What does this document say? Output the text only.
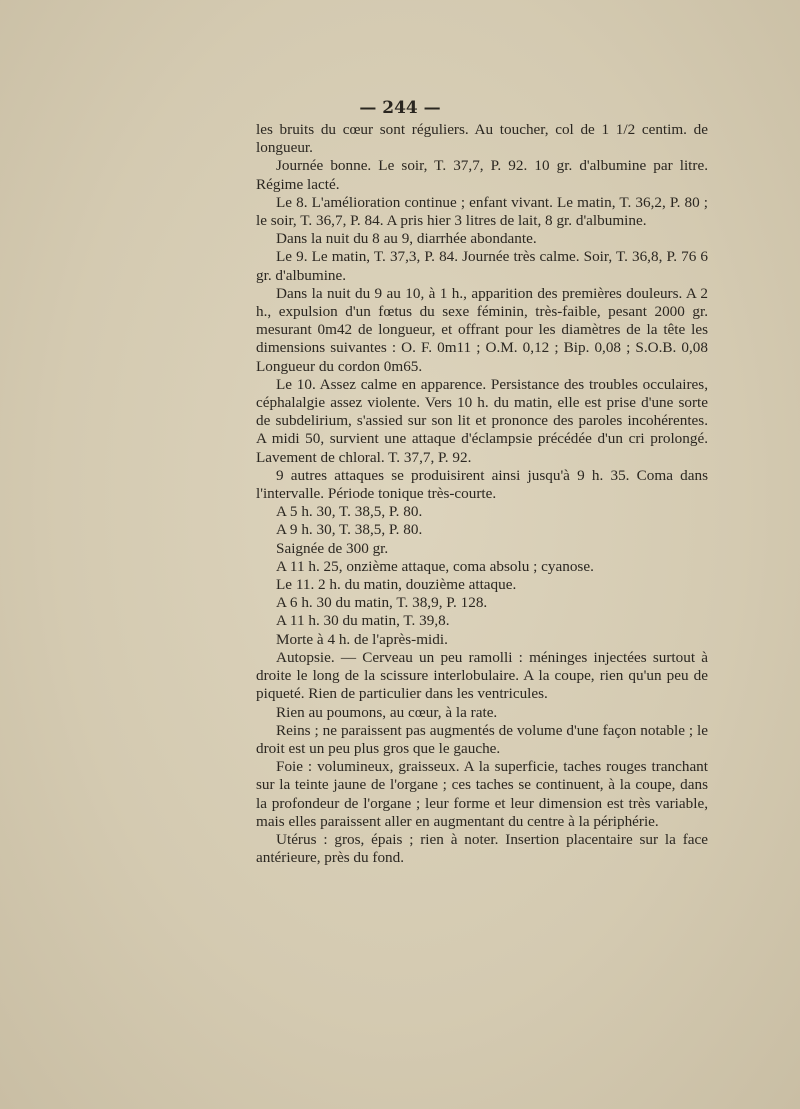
— 244 —

les bruits du cœur sont réguliers. Au toucher, col de 1 1/2 centim. de longueur.

Journée bonne. Le soir, T. 37,7, P. 92. 10 gr. d'albumine par litre. Régime lacté.

Le 8. L'amélioration continue ; enfant vivant. Le matin, T. 36,2, P. 80 ; le soir, T. 36,7, P. 84. A pris hier 3 litres de lait, 8 gr. d'albumine.

Dans la nuit du 8 au 9, diarrhée abondante.

Le 9. Le matin, T. 37,3, P. 84. Journée très calme. Soir, T. 36,8, P. 76 6 gr. d'albumine.

Dans la nuit du 9 au 10, à 1 h., apparition des premières douleurs. A 2 h., expulsion d'un fœtus du sexe féminin, très-faible, pesant 2000 gr. mesurant 0m42 de longueur, et offrant pour les diamètres de la tête les dimensions suivantes : O. F. 0m11 ; O.M. 0,12 ; Bip. 0,08 ; S.O.B. 0,08 Longueur du cordon 0m65.

Le 10. Assez calme en apparence. Persistance des troubles occulaires, céphalalgie assez violente. Vers 10 h. du matin, elle est prise d'une sorte de subdelirium, s'assied sur son lit et prononce des paroles incohérentes. A midi 50, survient une attaque d'éclampsie précédée d'un cri prolongé. Lavement de chloral. T. 37,7, P. 92.

9 autres attaques se produisirent ainsi jusqu'à 9 h. 35. Coma dans l'intervalle. Période tonique très-courte.

A 5 h. 30, T. 38,5, P. 80.

A 9 h. 30, T. 38,5, P. 80.

Saignée de 300 gr.

A 11 h. 25, onzième attaque, coma absolu ; cyanose.

Le 11. 2 h. du matin, douzième attaque.

A 6 h. 30 du matin, T. 38,9, P. 128.

A 11 h. 30 du matin, T. 39,8.

Morte à 4 h. de l'après-midi.

Autopsie. — Cerveau un peu ramolli : méninges injectées surtout à droite le long de la scissure interlobulaire. A la coupe, rien qu'un peu de piqueté. Rien de particulier dans les ventricules.

Rien au poumons, au cœur, à la rate.

Reins ; ne paraissent pas augmentés de volume d'une façon notable ; le droit est un peu plus gros que le gauche.

Foie : volumineux, graisseux. A la superficie, taches rouges tranchant sur la teinte jaune de l'organe ; ces taches se continuent, à la coupe, dans la profondeur de l'organe ; leur forme et leur dimension est très variable, mais elles paraissent aller en augmentant du centre à la périphérie.

Utérus : gros, épais ; rien à noter. Insertion placentaire sur la face antérieure, près du fond.
